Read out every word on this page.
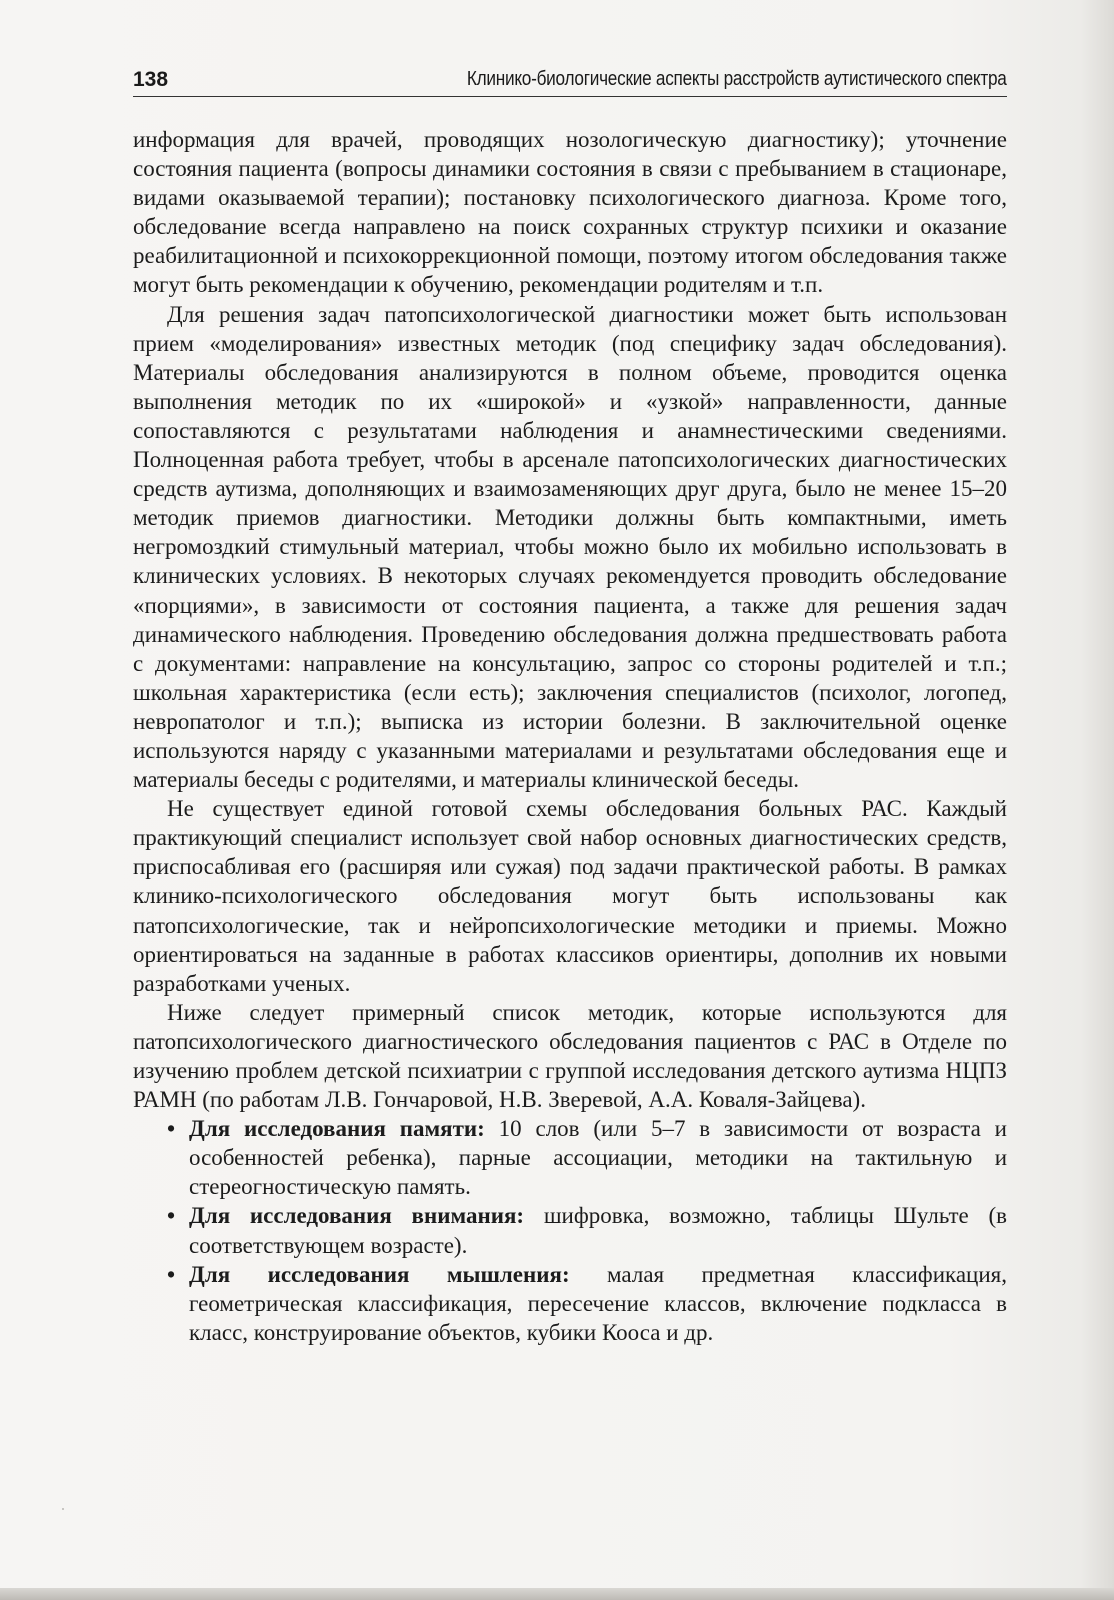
138	Клинико-биологические аспекты расстройств аутистического спектра

информация для врачей, проводящих нозологическую диагностику); уточнение состояния пациента (вопросы динамики состояния в связи с пребыванием в стационаре, видами оказываемой терапии); постановку психологического диагноза. Кроме того, обследование всегда направлено на поиск сохранных структур психики и оказание реабилитационной и психокоррекционной помощи, поэтому итогом обследования также могут быть рекомендации к обучению, рекомендации родителям и т.п.

Для решения задач патопсихологической диагностики может быть использован прием «моделирования» известных методик (под специфику задач обследования). Материалы обследования анализируются в полном объеме, проводится оценка выполнения методик по их «широкой» и «узкой» направленности, данные сопоставляются с результатами наблюдения и анамнестическими сведениями. Полноценная работа требует, чтобы в арсенале патопсихологических диагностических средств аутизма, дополняющих и взаимозаменяющих друг друга, было не менее 15–20 методик приемов диагностики. Методики должны быть компактными, иметь негромоздкий стимульный материал, чтобы можно было их мобильно использовать в клинических условиях. В некоторых случаях рекомендуется проводить обследование «порциями», в зависимости от состояния пациента, а также для решения задач динамического наблюдения. Проведению обследования должна предшествовать работа с документами: направление на консультацию, запрос со стороны родителей и т.п.; школьная характеристика (если есть); заключения специалистов (психолог, логопед, невропатолог и т.п.); выписка из истории болезни. В заключительной оценке используются наряду с указанными материалами и результатами обследования еще и материалы беседы с родителями, и материалы клинической беседы.

Не существует единой готовой схемы обследования больных РАС. Каждый практикующий специалист использует свой набор основных диагностических средств, приспосабливая его (расширяя или сужая) под задачи практической работы. В рамках клинико-психологического обследования могут быть использованы как патопсихологические, так и нейропсихологические методики и приемы. Можно ориентироваться на заданные в работах классиков ориентиры, дополнив их новыми разработками ученых.

Ниже следует примерный список методик, которые используются для патопсихологического диагностического обследования пациентов с РАС в Отделе по изучению проблем детской психиатрии с группой исследования детского аутизма НЦПЗ РАМН (по работам Л.В. Гончаровой, Н.В. Зверевой, А.А. Коваля-Зайцева).

• Для исследования памяти: 10 слов (или 5–7 в зависимости от возраста и особенностей ребенка), парные ассоциации, методики на тактильную и стереогностическую память.
• Для исследования внимания: шифровка, возможно, таблицы Шульте (в соответствующем возрасте).
• Для исследования мышления: малая предметная классификация, геометрическая классификация, пересечение классов, включение подкласса в класс, конструирование объектов, кубики Кооса и др.
